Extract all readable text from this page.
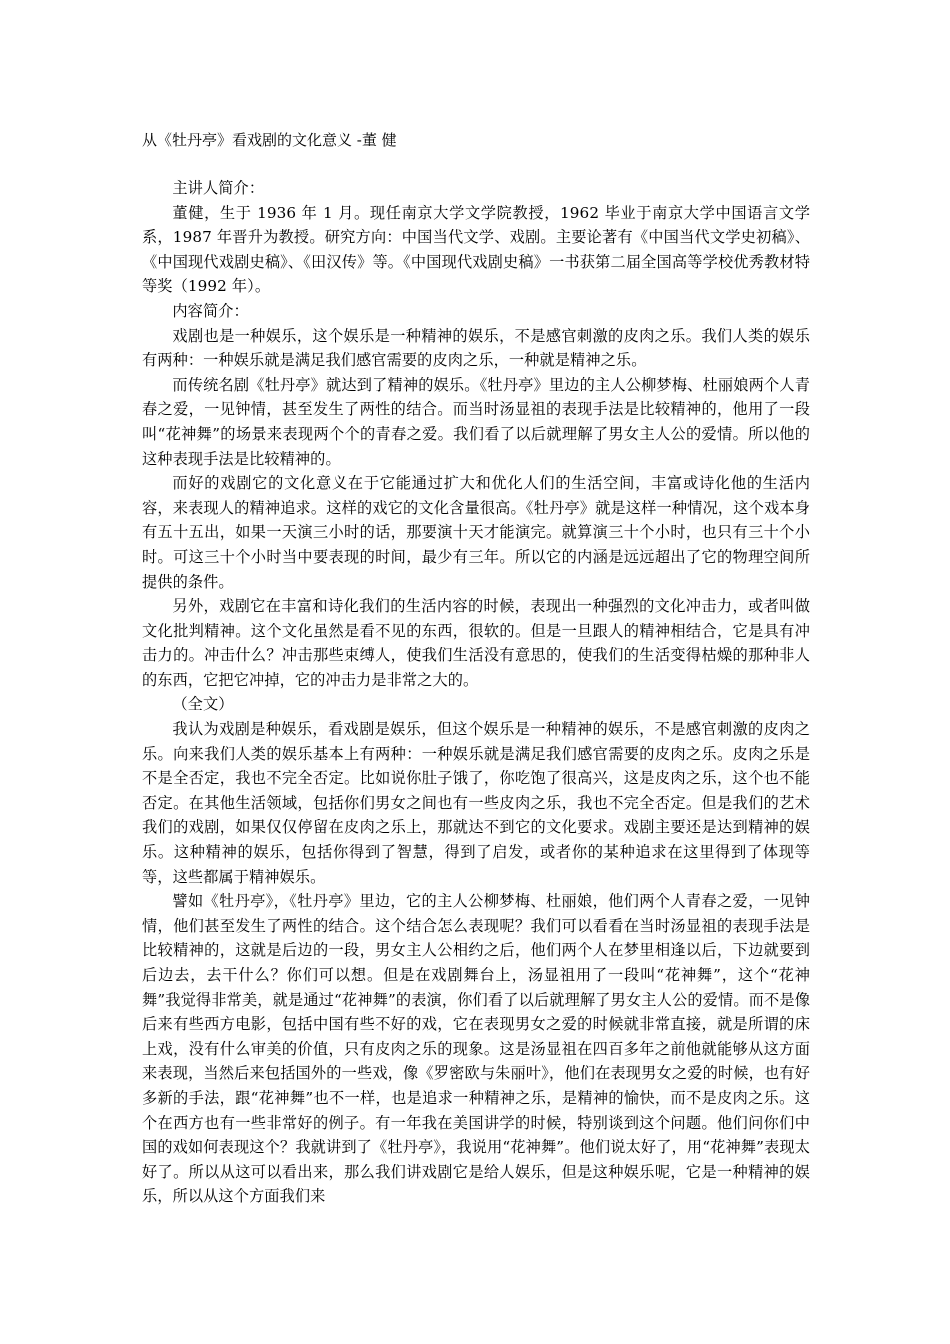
从《牡丹亭》看戏剧的文化意义 -董 健

主讲人简介：

董健，生于 1936 年 1 月。现任南京大学文学院教授，1962 毕业于南京大学中国语言文学系，1987 年晋升为教授。研究方向：中国当代文学、戏剧。主要论著有《中国当代文学史初稿》、《中国现代戏剧史稿》、《田汉传》等。《中国现代戏剧史稿》一书获第二届全国高等学校优秀教材特等奖（1992 年）。

内容简介：

戏剧也是一种娱乐，这个娱乐是一种精神的娱乐，不是感官刺激的皮肉之乐。我们人类的娱乐有两种：一种娱乐就是满足我们感官需要的皮肉之乐，一种就是精神之乐。

而传统名剧《牡丹亭》就达到了精神的娱乐。《牡丹亭》里边的主人公柳梦梅、杜丽娘两个人青春之爱，一见钟情，甚至发生了两性的结合。而当时汤显祖的表现手法是比较精神的，他用了一段叫“花神舞”的场景来表现两个个的青春之爱。我们看了以后就理解了男女主人公的爱情。所以他的这种表现手法是比较精神的。

而好的戏剧它的文化意义在于它能通过扩大和优化人们的生活空间，丰富或诗化他的生活内容，来表现人的精神追求。这样的戏它的文化含量很高。《牡丹亭》就是这样一种情况，这个戏本身有五十五出，如果一天演三小时的话，那要演十天才能演完。就算演三十个小时，也只有三十个小时。可这三十个小时当中要表现的时间，最少有三年。所以它的内涵是远远超出了它的物理空间所提供的条件。

另外，戏剧它在丰富和诗化我们的生活内容的时候，表现出一种强烈的文化冲击力，或者叫做文化批判精神。这个文化虽然是看不见的东西，很软的。但是一旦跟人的精神相结合，它是具有冲击力的。冲击什么？冲击那些束缚人，使我们生活没有意思的，使我们的生活变得枯燥的那种非人的东西，它把它冲掉，它的冲击力是非常之大的。

（全文）

我认为戏剧是种娱乐，看戏剧是娱乐，但这个娱乐是一种精神的娱乐，不是感官刺激的皮肉之乐。向来我们人类的娱乐基本上有两种：一种娱乐就是满足我们感官需要的皮肉之乐。皮肉之乐是不是全否定，我也不完全否定。比如说你肚子饿了，你吃饱了很高兴，这是皮肉之乐，这个也不能否定。在其他生活领域，包括你们男女之间也有一些皮肉之乐，我也不完全否定。但是我们的艺术我们的戏剧，如果仅仅停留在皮肉之乐上，那就达不到它的文化要求。戏剧主要还是达到精神的娱乐。这种精神的娱乐，包括你得到了智慧，得到了启发，或者你的某种追求在这里得到了体现等等，这些都属于精神娱乐。

譬如《牡丹亭》，《牡丹亭》里边，它的主人公柳梦梅、杜丽娘，他们两个人青春之爱，一见钟情，他们甚至发生了两性的结合。这个结合怎么表现呢？我们可以看看在当时汤显祖的表现手法是比较精神的，这就是后边的一段，男女主人公相约之后，他们两个人在梦里相逢以后，下边就要到后边去，去干什么？你们可以想。但是在戏剧舞台上，汤显祖用了一段叫“花神舞”，这个“花神舞”我觉得非常美，就是通过“花神舞”的表演，你们看了以后就理解了男女主人公的爱情。而不是像后来有些西方电影，包括中国有些不好的戏，它在表现男女之爱的时候就非常直接，就是所谓的床上戏，没有什么审美的价值，只有皮肉之乐的现象。这是汤显祖在四百多年之前他就能够从这方面来表现，当然后来包括国外的一些戏，像《罗密欧与朱丽叶》，他们在表现男女之爱的时候，也有好多新的手法，跟“花神舞”也不一样，也是追求一种精神之乐，是精神的愉快，而不是皮肉之乐。这个在西方也有一些非常好的例子。有一年我在美国讲学的时候，特别谈到这个问题。他们问你们中国的戏如何表现这个？我就讲到了《牡丹亭》，我说用“花神舞”。他们说太好了，用“花神舞”表现太好了。所以从这可以看出来，那么我们讲戏剧它是给人娱乐，但是这种娱乐呢，它是一种精神的娱乐，所以从这个方面我们来
